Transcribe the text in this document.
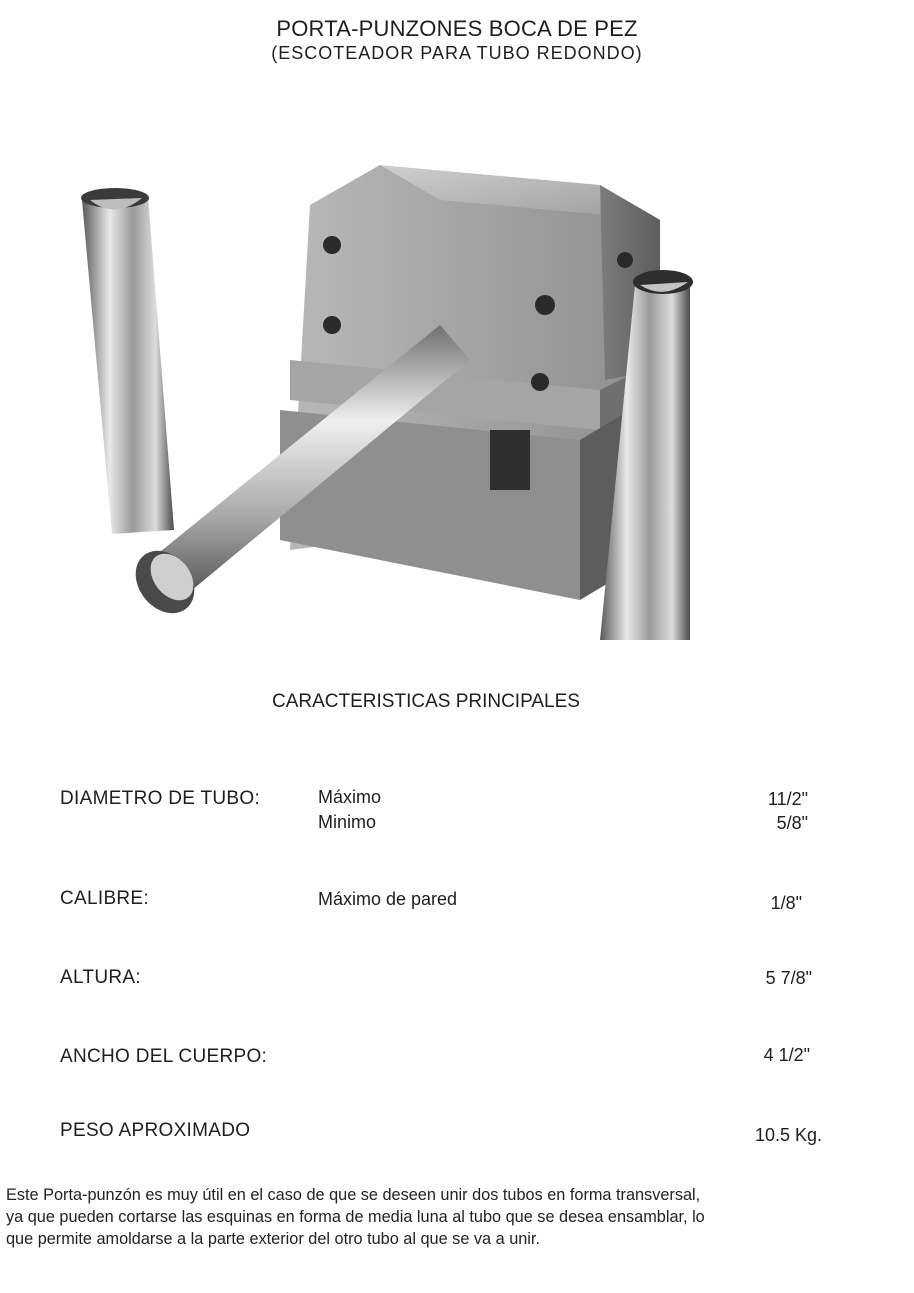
PORTA-PUNZONES BOCA DE PEZ
(ESCOTEADOR PARA TUBO REDONDO)
CARACTERISTICAS PRINCIPALES
DIAMETRO DE TUBO:	Máximo	11/2"
Minimo	5/8"
CALIBRE:	Máximo de pared	1/8"
ALTURA:	5 7/8"
ANCHO DEL CUERPO:	4 1/2"
PESO APROXIMADO	10.5 Kg.
Este Porta-punzón es muy útil en el caso de que se deseen unir dos tubos en forma transversal,
ya que pueden cortarse las esquinas en forma de media luna al tubo que se desea ensamblar, lo
que permite amoldarse a la parte exterior del otro tubo al que se va a unir.
